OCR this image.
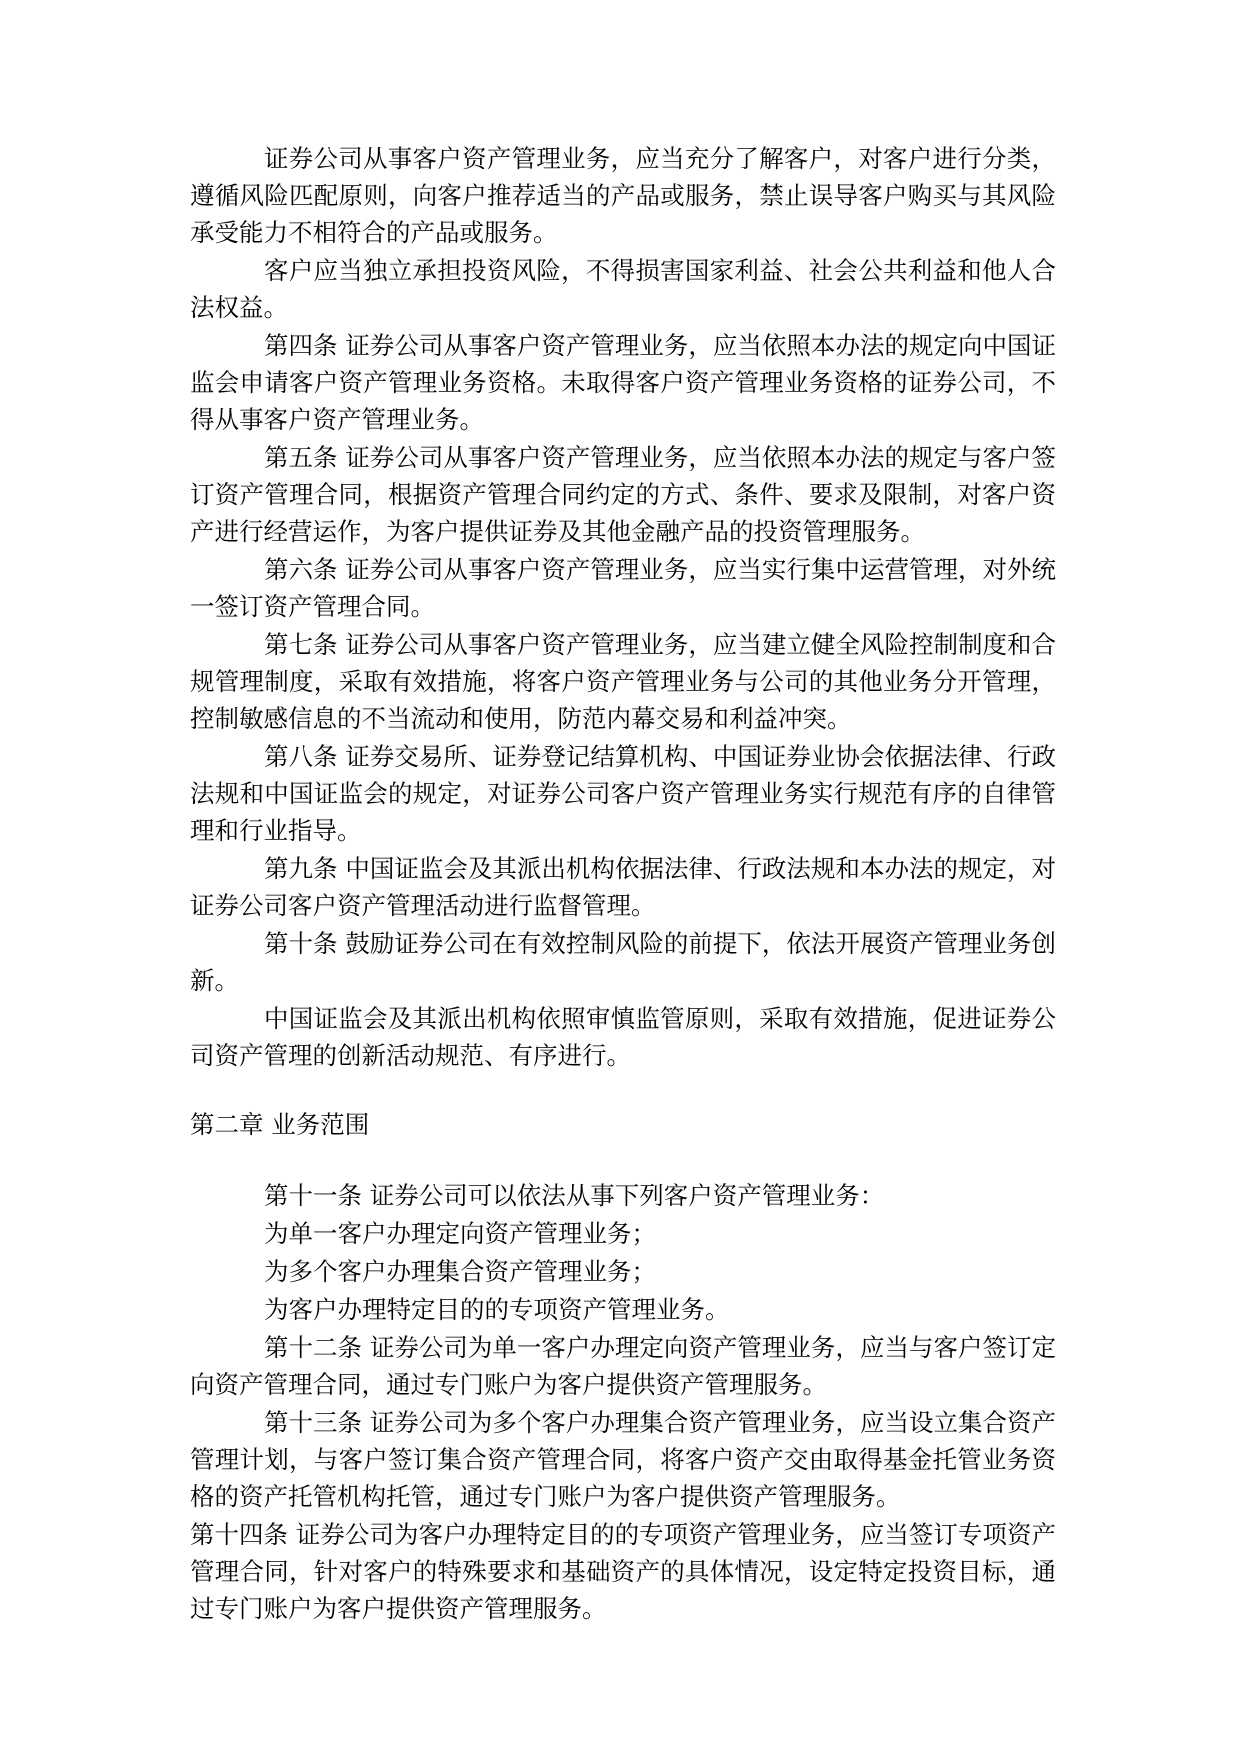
证券公司从事客户资产管理业务，应当充分了解客户，对客户进行分类，遵循风险匹配原则，向客户推荐适当的产品或服务，禁止误导客户购买与其风险承受能力不相符合的产品或服务。

客户应当独立承担投资风险，不得损害国家利益、社会公共利益和他人合法权益。

第四条 证券公司从事客户资产管理业务，应当依照本办法的规定向中国证监会申请客户资产管理业务资格。未取得客户资产管理业务资格的证券公司，不得从事客户资产管理业务。

第五条 证券公司从事客户资产管理业务，应当依照本办法的规定与客户签订资产管理合同，根据资产管理合同约定的方式、条件、要求及限制，对客户资产进行经营运作，为客户提供证券及其他金融产品的投资管理服务。

第六条 证券公司从事客户资产管理业务，应当实行集中运营管理，对外统一签订资产管理合同。

第七条 证券公司从事客户资产管理业务，应当建立健全风险控制制度和合规管理制度，采取有效措施，将客户资产管理业务与公司的其他业务分开管理，控制敏感信息的不当流动和使用，防范内幕交易和利益冲突。

第八条 证券交易所、证券登记结算机构、中国证券业协会依据法律、行政法规和中国证监会的规定，对证券公司客户资产管理业务实行规范有序的自律管理和行业指导。

第九条 中国证监会及其派出机构依据法律、行政法规和本办法的规定，对证券公司客户资产管理活动进行监督管理。

第十条 鼓励证券公司在有效控制风险的前提下，依法开展资产管理业务创新。

中国证监会及其派出机构依照审慎监管原则，采取有效措施，促进证券公司资产管理的创新活动规范、有序进行。

第二章 业务范围

第十一条 证券公司可以依法从事下列客户资产管理业务：

为单一客户办理定向资产管理业务；

为多个客户办理集合资产管理业务；

为客户办理特定目的的专项资产管理业务。

第十二条 证券公司为单一客户办理定向资产管理业务，应当与客户签订定向资产管理合同，通过专门账户为客户提供资产管理服务。

第十三条 证券公司为多个客户办理集合资产管理业务，应当设立集合资产管理计划，与客户签订集合资产管理合同，将客户资产交由取得基金托管业务资格的资产托管机构托管，通过专门账户为客户提供资产管理服务。

第十四条 证券公司为客户办理特定目的的专项资产管理业务，应当签订专项资产管理合同，针对客户的特殊要求和基础资产的具体情况，设定特定投资目标，通过专门账户为客户提供资产管理服务。
